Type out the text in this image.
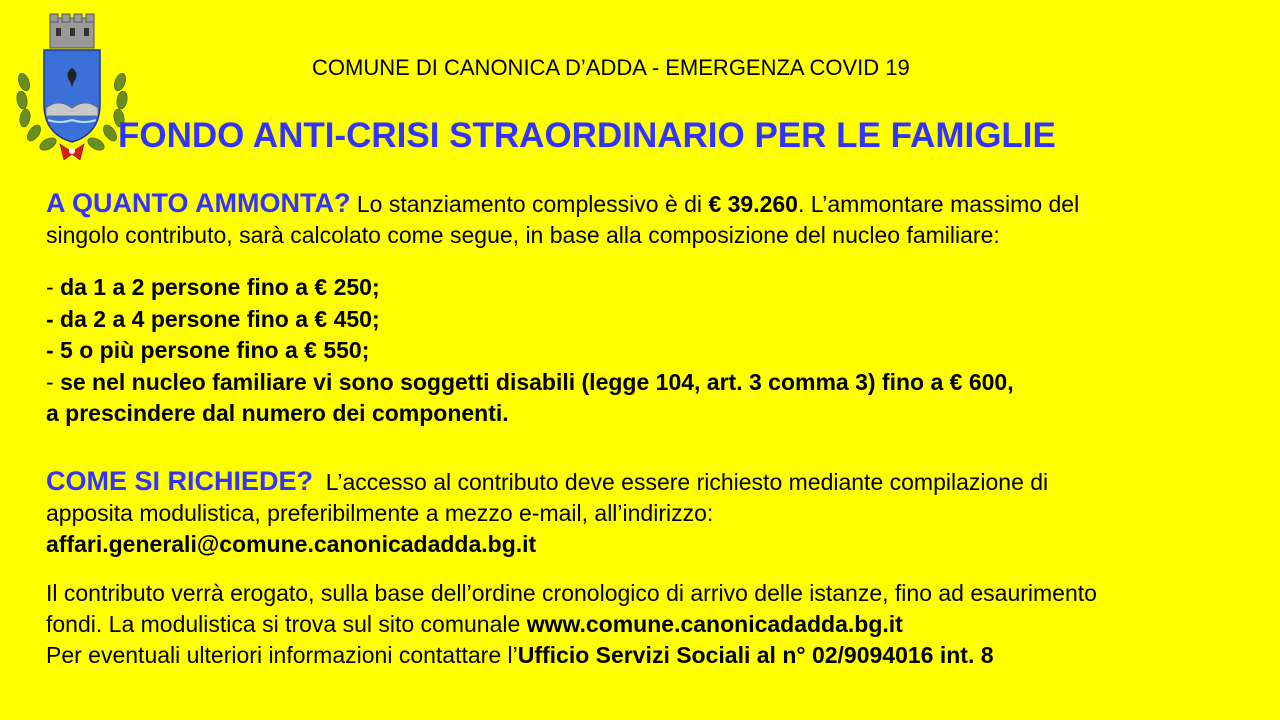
COMUNE DI CANONICA D’ADDA - EMERGENZA COVID 19
FONDO ANTI-CRISI STRAORDINARIO PER LE FAMIGLIE
A QUANTO AMMONTA? Lo stanziamento complessivo è di € 39.260. L’ammontare massimo del
singolo contributo, sarà calcolato come segue, in base alla composizione del nucleo familiare:
- da 1 a 2 persone fino a € 250;
- da 2 a 4 persone fino a € 450;
- 5 o più persone fino a € 550;
- se nel nucleo familiare vi sono soggetti disabili (legge 104, art. 3 comma 3) fino a € 600,
a prescindere dal numero dei componenti.
COME SI RICHIEDE?  L’accesso al contributo deve essere richiesto mediante compilazione di
apposita modulistica, preferibilmente a mezzo e-mail, all’indirizzo:
affari.generali@comune.canonicadadda.bg.it
Il contributo verrà erogato, sulla base dell’ordine cronologico di arrivo delle istanze, fino ad esaurimento
fondi. La modulistica si trova sul sito comunale www.comune.canonicadadda.bg.it
Per eventuali ulteriori informazioni contattare l’Ufficio Servizi Sociali al n° 02/9094016 int. 8
